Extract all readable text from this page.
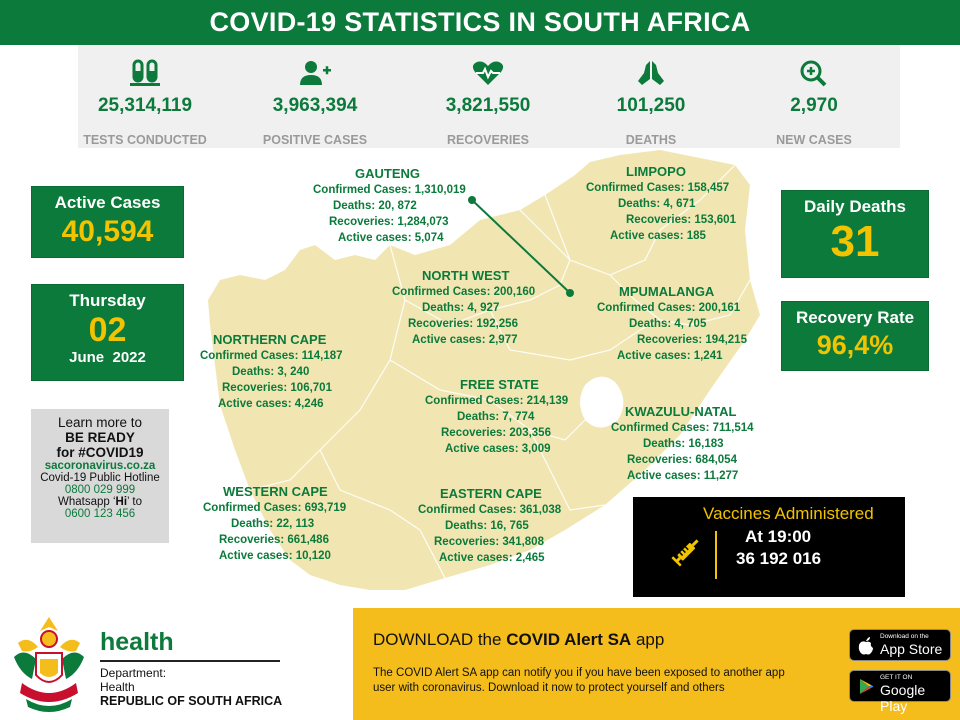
COVID-19 STATISTICS IN SOUTH AFRICA
25,314,119
TESTS CONDUCTED
3,963,394
POSITIVE CASES
3,821,550
RECOVERIES
101,250
DEATHS
2,970
NEW CASES
GAUTENG
Confirmed Cases: 1,310,019
Deaths: 20, 872
Recoveries: 1,284,073
Active cases: 5,074
LIMPOPO
Confirmed Cases: 158,457
Deaths: 4, 671
Recoveries: 153,601
Active cases: 185
NORTH WEST
Confirmed Cases: 200,160
Deaths: 4, 927
Recoveries: 192,256
Active cases: 2,977
MPUMALANGA
Confirmed Cases: 200,161
Deaths: 4, 705
Recoveries: 194,215
Active cases: 1,241
NORTHERN CAPE
Confirmed Cases: 114,187
Deaths: 3, 240
Recoveries: 106,701
Active cases: 4,246
FREE STATE
Confirmed Cases: 214,139
Deaths: 7, 774
Recoveries: 203,356
Active cases: 3,009
KWAZULU-NATAL
Confirmed Cases: 711,514
Deaths: 16,183
Recoveries: 684,054
Active cases: 11,277
WESTERN CAPE
Confirmed Cases: 693,719
Deaths: 22, 113
Recoveries: 661,486
Active cases: 10,120
EASTERN CAPE
Confirmed Cases: 361,038
Deaths: 16, 765
Recoveries: 341,808
Active cases: 2,465
Active Cases
40,594
Thursday
02
June  2022
Daily Deaths
31
Recovery Rate
96,4%
Learn more to
BE READY
for #COVID19
sacoronavirus.co.za
Covid-19 Public Hotline
0800 029 999
Whatsapp ‘Hi’ to
0600 123 456	Vaccines Administered
At 19:00
36 192 016
health
Department:
Health
REPUBLIC OF SOUTH AFRICA
DOWNLOAD the COVID Alert SA app
The COVID Alert SA app can notify you if you have been exposed to another app user with coronavirus. Download it now to protect yourself and others
Download on the
App Store
GET IT ON
Google Play
